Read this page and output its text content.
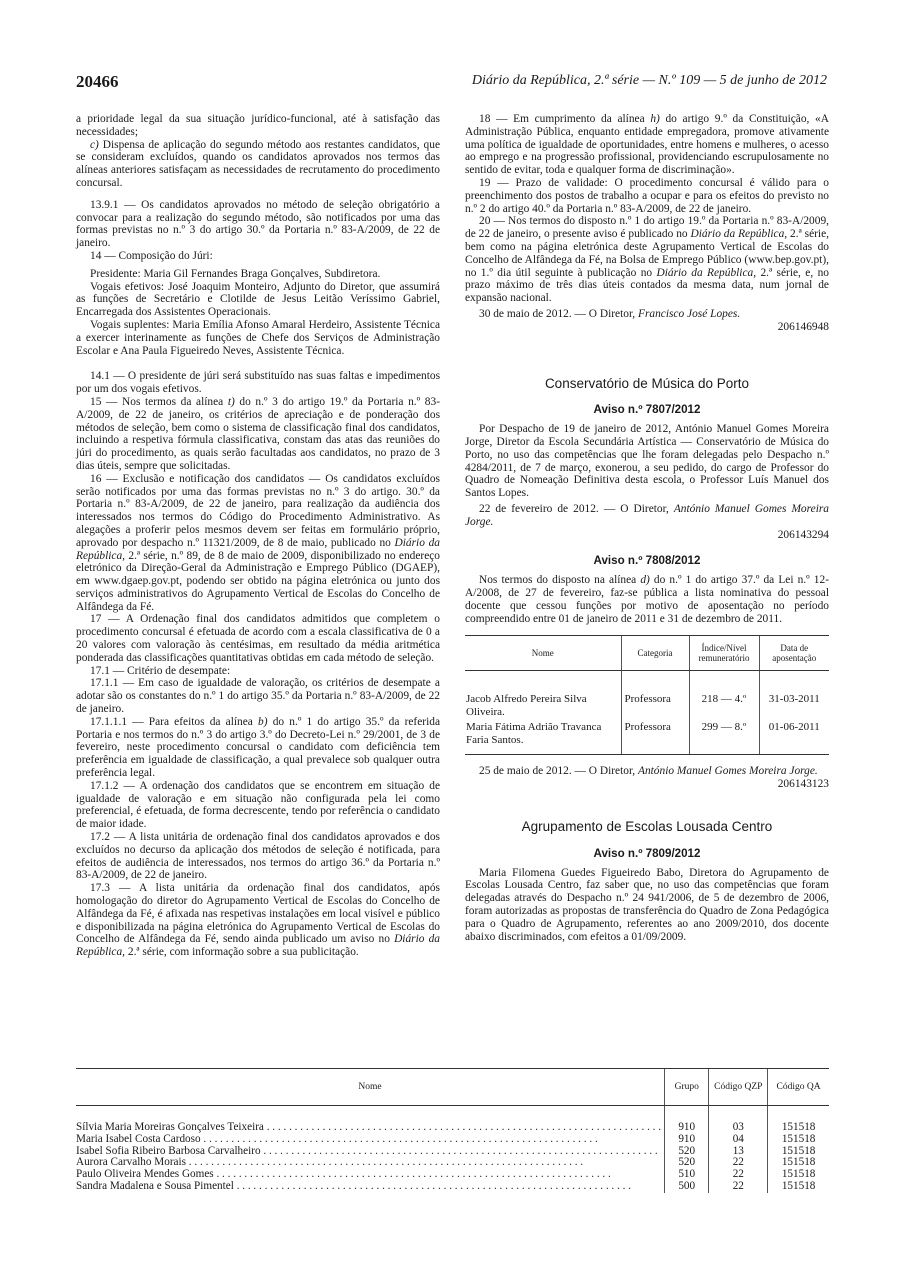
20466	Diário da República, 2.ª série — N.º 109 — 5 de junho de 2012

a prioridade legal da sua situação jurídico-funcional, até à satisfação das necessidades;

c) Dispensa de aplicação do segundo método aos restantes candidatos, que se consideram excluídos, quando os candidatos aprovados nos termos das alíneas anteriores satisfaçam as necessidades de recrutamento do procedimento concursal.

13.9.1 — Os candidatos aprovados no método de seleção obrigatório a convocar para a realização do segundo método, são notificados por uma das formas previstas no n.º 3 do artigo 30.º da Portaria n.º 83-A/2009, de 22 de janeiro.

14 — Composição do Júri:

Presidente: Maria Gil Fernandes Braga Gonçalves, Subdiretora.

Vogais efetivos: José Joaquim Monteiro, Adjunto do Diretor, que assumirá as funções de Secretário e Clotilde de Jesus Leitão Veríssimo Gabriel, Encarregada dos Assistentes Operacionais.

Vogais suplentes: Maria Emília Afonso Amaral Herdeiro, Assistente Técnica a exercer interinamente as funções de Chefe dos Serviços de Administração Escolar e Ana Paula Figueiredo Neves, Assistente Técnica.

14.1 — O presidente de júri será substituído nas suas faltas e impedimentos por um dos vogais efetivos.

15 — Nos termos da alínea t) do n.º 3 do artigo 19.º da Portaria n.º 83-A/2009, de 22 de janeiro, os critérios de apreciação e de ponderação dos métodos de seleção, bem como o sistema de classificação final dos candidatos, incluindo a respetiva fórmula classificativa, constam das atas das reuniões do júri do procedimento, as quais serão facultadas aos candidatos, no prazo de 3 dias úteis, sempre que solicitadas.

16 — Exclusão e notificação dos candidatos — Os candidatos excluídos serão notificados por uma das formas previstas no n.º 3 do artigo. 30.º da Portaria n.º 83-A/2009, de 22 de janeiro, para realização da audiência dos interessados nos termos do Código do Procedimento Administrativo. As alegações a proferir pelos mesmos devem ser feitas em formulário próprio, aprovado por despacho n.º 11321/2009, de 8 de maio, publicado no Diário da República, 2.ª série, n.º 89, de 8 de maio de 2009, disponibilizado no endereço eletrónico da Direção-Geral da Administração e Emprego Público (DGAEP), em www.dgaep.gov.pt, podendo ser obtido na página eletrónica ou junto dos serviços administrativos do Agrupamento Vertical de Escolas do Concelho de Alfândega da Fé.

17 — A Ordenação final dos candidatos admitidos que completem o procedimento concursal é efetuada de acordo com a escala classificativa de 0 a 20 valores com valoração às centésimas, em resultado da média aritmética ponderada das classificações quantitativas obtidas em cada método de seleção.

17.1 — Critério de desempate:

17.1.1 — Em caso de igualdade de valoração, os critérios de desempate a adotar são os constantes do n.º 1 do artigo 35.º da Portaria n.º 83-A/2009, de 22 de janeiro.

17.1.1.1 — Para efeitos da alínea b) do n.º 1 do artigo 35.º da referida Portaria e nos termos do n.º 3 do artigo 3.º do Decreto-Lei n.º 29/2001, de 3 de fevereiro, neste procedimento concursal o candidato com deficiência tem preferência em igualdade de classificação, a qual prevalece sob qualquer outra preferência legal.

17.1.2 — A ordenação dos candidatos que se encontrem em situação de igualdade de valoração e em situação não configurada pela lei como preferencial, é efetuada, de forma decrescente, tendo por referência o candidato de maior idade.

17.2 — A lista unitária de ordenação final dos candidatos aprovados e dos excluídos no decurso da aplicação dos métodos de seleção é notificada, para efeitos de audiência de interessados, nos termos do artigo 36.º da Portaria n.º 83-A/2009, de 22 de janeiro.

17.3 — A lista unitária da ordenação final dos candidatos, após homologação do diretor do Agrupamento Vertical de Escolas do Concelho de Alfândega da Fé, é afixada nas respetivas instalações em local visível e público e disponibilizada na página eletrónica do Agrupamento Vertical de Escolas do Concelho de Alfândega da Fé, sendo ainda publicado um aviso no Diário da República, 2.ª série, com informação sobre a sua publicitação.

18 — Em cumprimento da alínea h) do artigo 9.º da Constituição, «A Administração Pública, enquanto entidade empregadora, promove ativamente uma política de igualdade de oportunidades, entre homens e mulheres, o acesso ao emprego e na progressão profissional, providenciando escrupulosamente no sentido de evitar, toda e qualquer forma de discriminação».

19 — Prazo de validade: O procedimento concursal é válido para o preenchimento dos postos de trabalho a ocupar e para os efeitos do previsto no n.º 2 do artigo 40.º da Portaria n.º 83-A/2009, de 22 de janeiro.

20 — Nos termos do disposto n.º 1 do artigo 19.º da Portaria n.º 83-A/2009, de 22 de janeiro, o presente aviso é publicado no Diário da República, 2.ª série, bem como na página eletrónica deste Agrupamento Vertical de Escolas do Concelho de Alfândega da Fé, na Bolsa de Emprego Público (www.bep.gov.pt), no 1.º dia útil seguinte à publicação no Diário da República, 2.ª série, e, no prazo máximo de três dias úteis contados da mesma data, num jornal de expansão nacional.

30 de maio de 2012. — O Diretor, Francisco José Lopes.

206146948

Conservatório de Música do Porto
Aviso n.º 7807/2012

Por Despacho de 19 de janeiro de 2012, António Manuel Gomes Moreira Jorge, Diretor da Escola Secundária Artística — Conservatório de Música do Porto, no uso das competências que lhe foram delegadas pelo Despacho n.º 4284/2011, de 7 de março, exonerou, a seu pedido, do cargo de Professor do Quadro de Nomeação Definitiva desta escola, o Professor Luís Manuel dos Santos Lopes.

22 de fevereiro de 2012. — O Diretor, António Manuel Gomes Moreira Jorge.

206143294

Aviso n.º 7808/2012

Nos termos do disposto na alínea d) do n.º 1 do artigo 37.º da Lei n.º 12-A/2008, de 27 de fevereiro, faz-se pública a lista nominativa do pessoal docente que cessou funções por motivo de aposentação no período compreendido entre 01 de janeiro de 2011 e 31 de dezembro de 2011.

Nome	Categoria	Índice/Nível remuneratório	Data de aposentação
Jacob Alfredo Pereira Silva Oliveira.	Professora	218 — 4.º	31-03-2011
Maria Fátima Adrião Travanca Faria Santos.	Professora	299 — 8.º	01-06-2011

25 de maio de 2012. — O Diretor, António Manuel Gomes Moreira Jorge.

206143123

Agrupamento de Escolas Lousada Centro
Aviso n.º 7809/2012

Maria Filomena Guedes Figueiredo Babo, Diretora do Agrupamento de Escolas Lousada Centro, faz saber que, no uso das competências que foram delegadas através do Despacho n.º 24 941/2006, de 5 de dezembro de 2006, foram autorizadas as propostas de transferência do Quadro de Zona Pedagógica para o Quadro de Agrupamento, referentes ao ano 2009/2010, dos docente abaixo discriminados, com efeitos a 01/09/2009.

Nome	Grupo	Código QZP	Código QA
Sílvia Maria Moreiras Gonçalves Teixeira . . .	910	03	151518
Maria Isabel Costa Cardoso . . .	910	04	151518
Isabel Sofia Ribeiro Barbosa Carvalheiro . . .	520	13	151518
Aurora Carvalho Morais . . .	520	22	151518
Paulo Oliveira Mendes Gomes . . .	510	22	151518
Sandra Madalena e Sousa Pimentel . . .	500	22	151518
